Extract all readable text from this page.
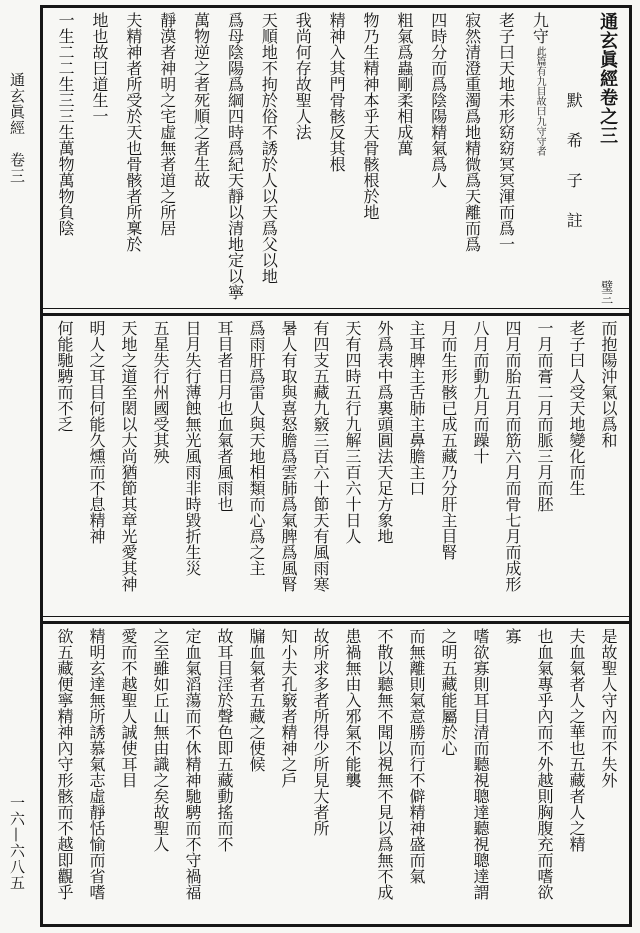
通玄眞經　卷三
一六—六八五
通玄眞經卷之三
璧三
默　希　子　註
九守
此篇有九目故曰九守守者
老子曰天地未形窈窈冥冥渾而爲一
寂然清澄重濁爲地精微爲天離而爲
四時分而爲陰陽精氣爲人
粗氣爲蟲剛柔相成萬
物乃生精神本乎天骨骸根於地
精神入其門骨骸反其根
我尚何存故聖人法
天順地不拘於俗不誘於人以天爲父以地
爲母陰陽爲綱四時爲紀天靜以清地定以寧
萬物逆之者死順之者生故
靜漠者神明之宅虛無者道之所居
夫精神者所受於天也骨骸者所稟於
地也故曰道生一
一生二二生三三生萬物萬物負陰
而抱陽沖氣以爲和
老子曰人受天地變化而生
一月而膏二月而脈三月而胚
四月而胎五月而筋六月而骨七月而成形
八月而動九月而躁十
月而生形骸已成五藏乃分肝主目腎
主耳脾主舌肺主鼻膽主口
外爲表中爲裏頭圓法天足方象地
天有四時五行九解三百六十日人
有四支五藏九竅三百六十節天有風雨寒
暑人有取與喜怒膽爲雲肺爲氣脾爲風腎
爲雨肝爲雷人與天地相類而心爲之主
耳目者日月也血氣者風雨也
日月失行薄蝕無光風雨非時毀折生災
五星失行州國受其殃
天地之道至閎以大尚猶節其章光愛其神
明人之耳目何能久燻而不息精神
何能馳騁而不乏
是故聖人守內而不失外
夫血氣者人之華也五藏者人之精
也血氣專乎內而不外越則胸腹充而嗜欲
寡
嗜欲寡則耳目清而聽視聰達聽視聰達謂
之明五藏能屬於心
而無離則氣意勝而行不僻精神盛而氣
不散以聽無不聞以視無不見以爲無不成
患禍無由入邪氣不能襲
故所求多者所得少所見大者所
知小夫孔竅者精神之戶
牖血氣者五藏之使候
故耳目淫於聲色即五藏動搖而不
定血氣滔蕩而不休精神馳騁而不守禍福
之至雖如丘山無由識之矣故聖人
愛而不越聖人誠使耳目
精明玄達無所誘慕氣志虛靜恬愉而省嗜
欲五藏便寧精神內守形骸而不越即觀乎
